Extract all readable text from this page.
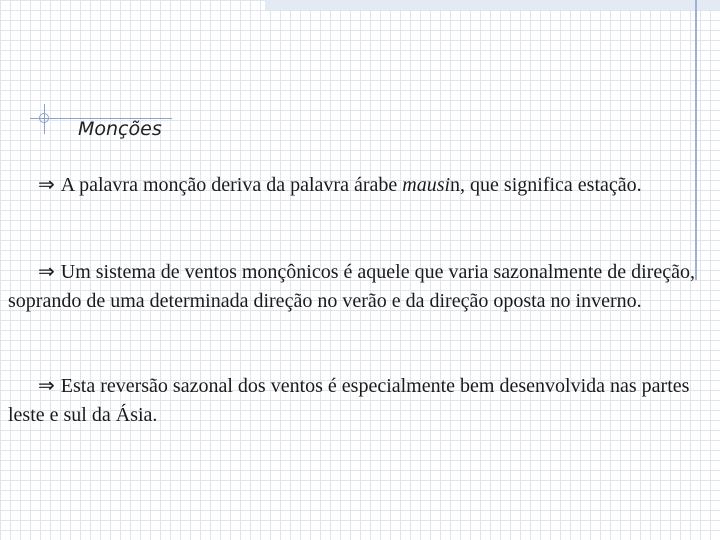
Monções

⇒ A palavra monção deriva da palavra árabe mausin, que significa estação.

⇒ Um sistema de ventos monçônicos é aquele que varia sazonalmente de direção, soprando de uma determinada direção no verão e da direção oposta no inverno.

⇒ Esta reversão sazonal dos ventos é especialmente bem desenvolvida nas partes leste e sul da Ásia.
